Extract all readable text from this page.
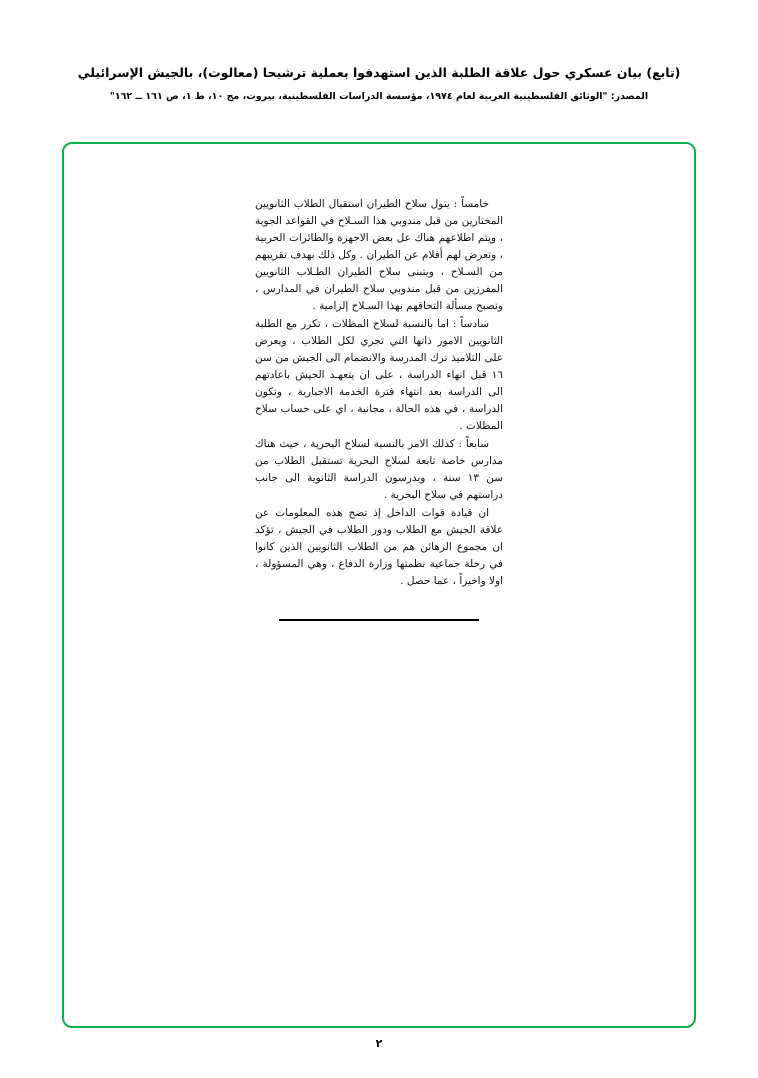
(تابع) بيان عسكري حول علاقة الطلبة الذين استهدفوا بعملية ترشيحا (معالوت)، بالجيش الإسرائيلي
المصدر: "الوثائق الفلسطينية العربية لعام ١٩٧٤، مؤسسة الدراسات الفلسطينية، بيروت، مج ١٠، ط ١، ص ١٦١ ــ ١٦٢"

خامساً : يتول سلاح الطيران استقبال الطلاب الثانويين المختارين من قبل مندوبي هذا السـلاح في القواعد الجوية ، ويتم اطلاعهم هناك عل بعض الاجهزة والطائرات الحربية ، وتعرض لهم أفلام عن الطيران . وكل ذلك بهدف تقريبهم من السـلاح ، ويتبنى سلاح الطيران الطـلاب الثانويين المفرزين من قبل مندوبي سلاح الطيران في المدارس ، وتصبح مسألة التحاقهم بهذا السـلاح إلزامية .

سادساً : اما بالنسبة لسلاح المظلات ، تكرر مع الطلبة الثانويين الامور ذاتها التي تجري لكل الطلاب ، ويعرض على التلاميذ ترك المدرسة والانضمام الى الجيش من سن ١٦ قبل انهاء الدراسة ، على ان يتعهـد الجيش باعادتهم الى الدراسة بعد انتهاء فترة الخدمة الاجبارية ، وتكون الدراسة ، في هذه الحالة ، مجانية ، اي على حساب سلاح المظلات .

سابعاً : كذلك الامر بالنسبة لسلاح البحرية ، حيث هناك مدارس خاصة تابعة لسلاح البحرية تستقبل الطلاب من سن ١٣ سنة ، ويدرسون الدراسة الثانوية الى جانب دراستهم في سلاح البحرية .

ان قيادة قوات الداخل إذ تضح هذه المعلومات عن علاقة الجيش مع الطلاب ودور الطلاب في الجيش ، تؤكد ان مجموع الرهائن هم من الطلاب الثانويين الذين كانوا في رحلة جماعية نظمتها وزارة الدفاع ، وهي المسؤولة ، اولا واخيراً ، عما حصل .

٢
